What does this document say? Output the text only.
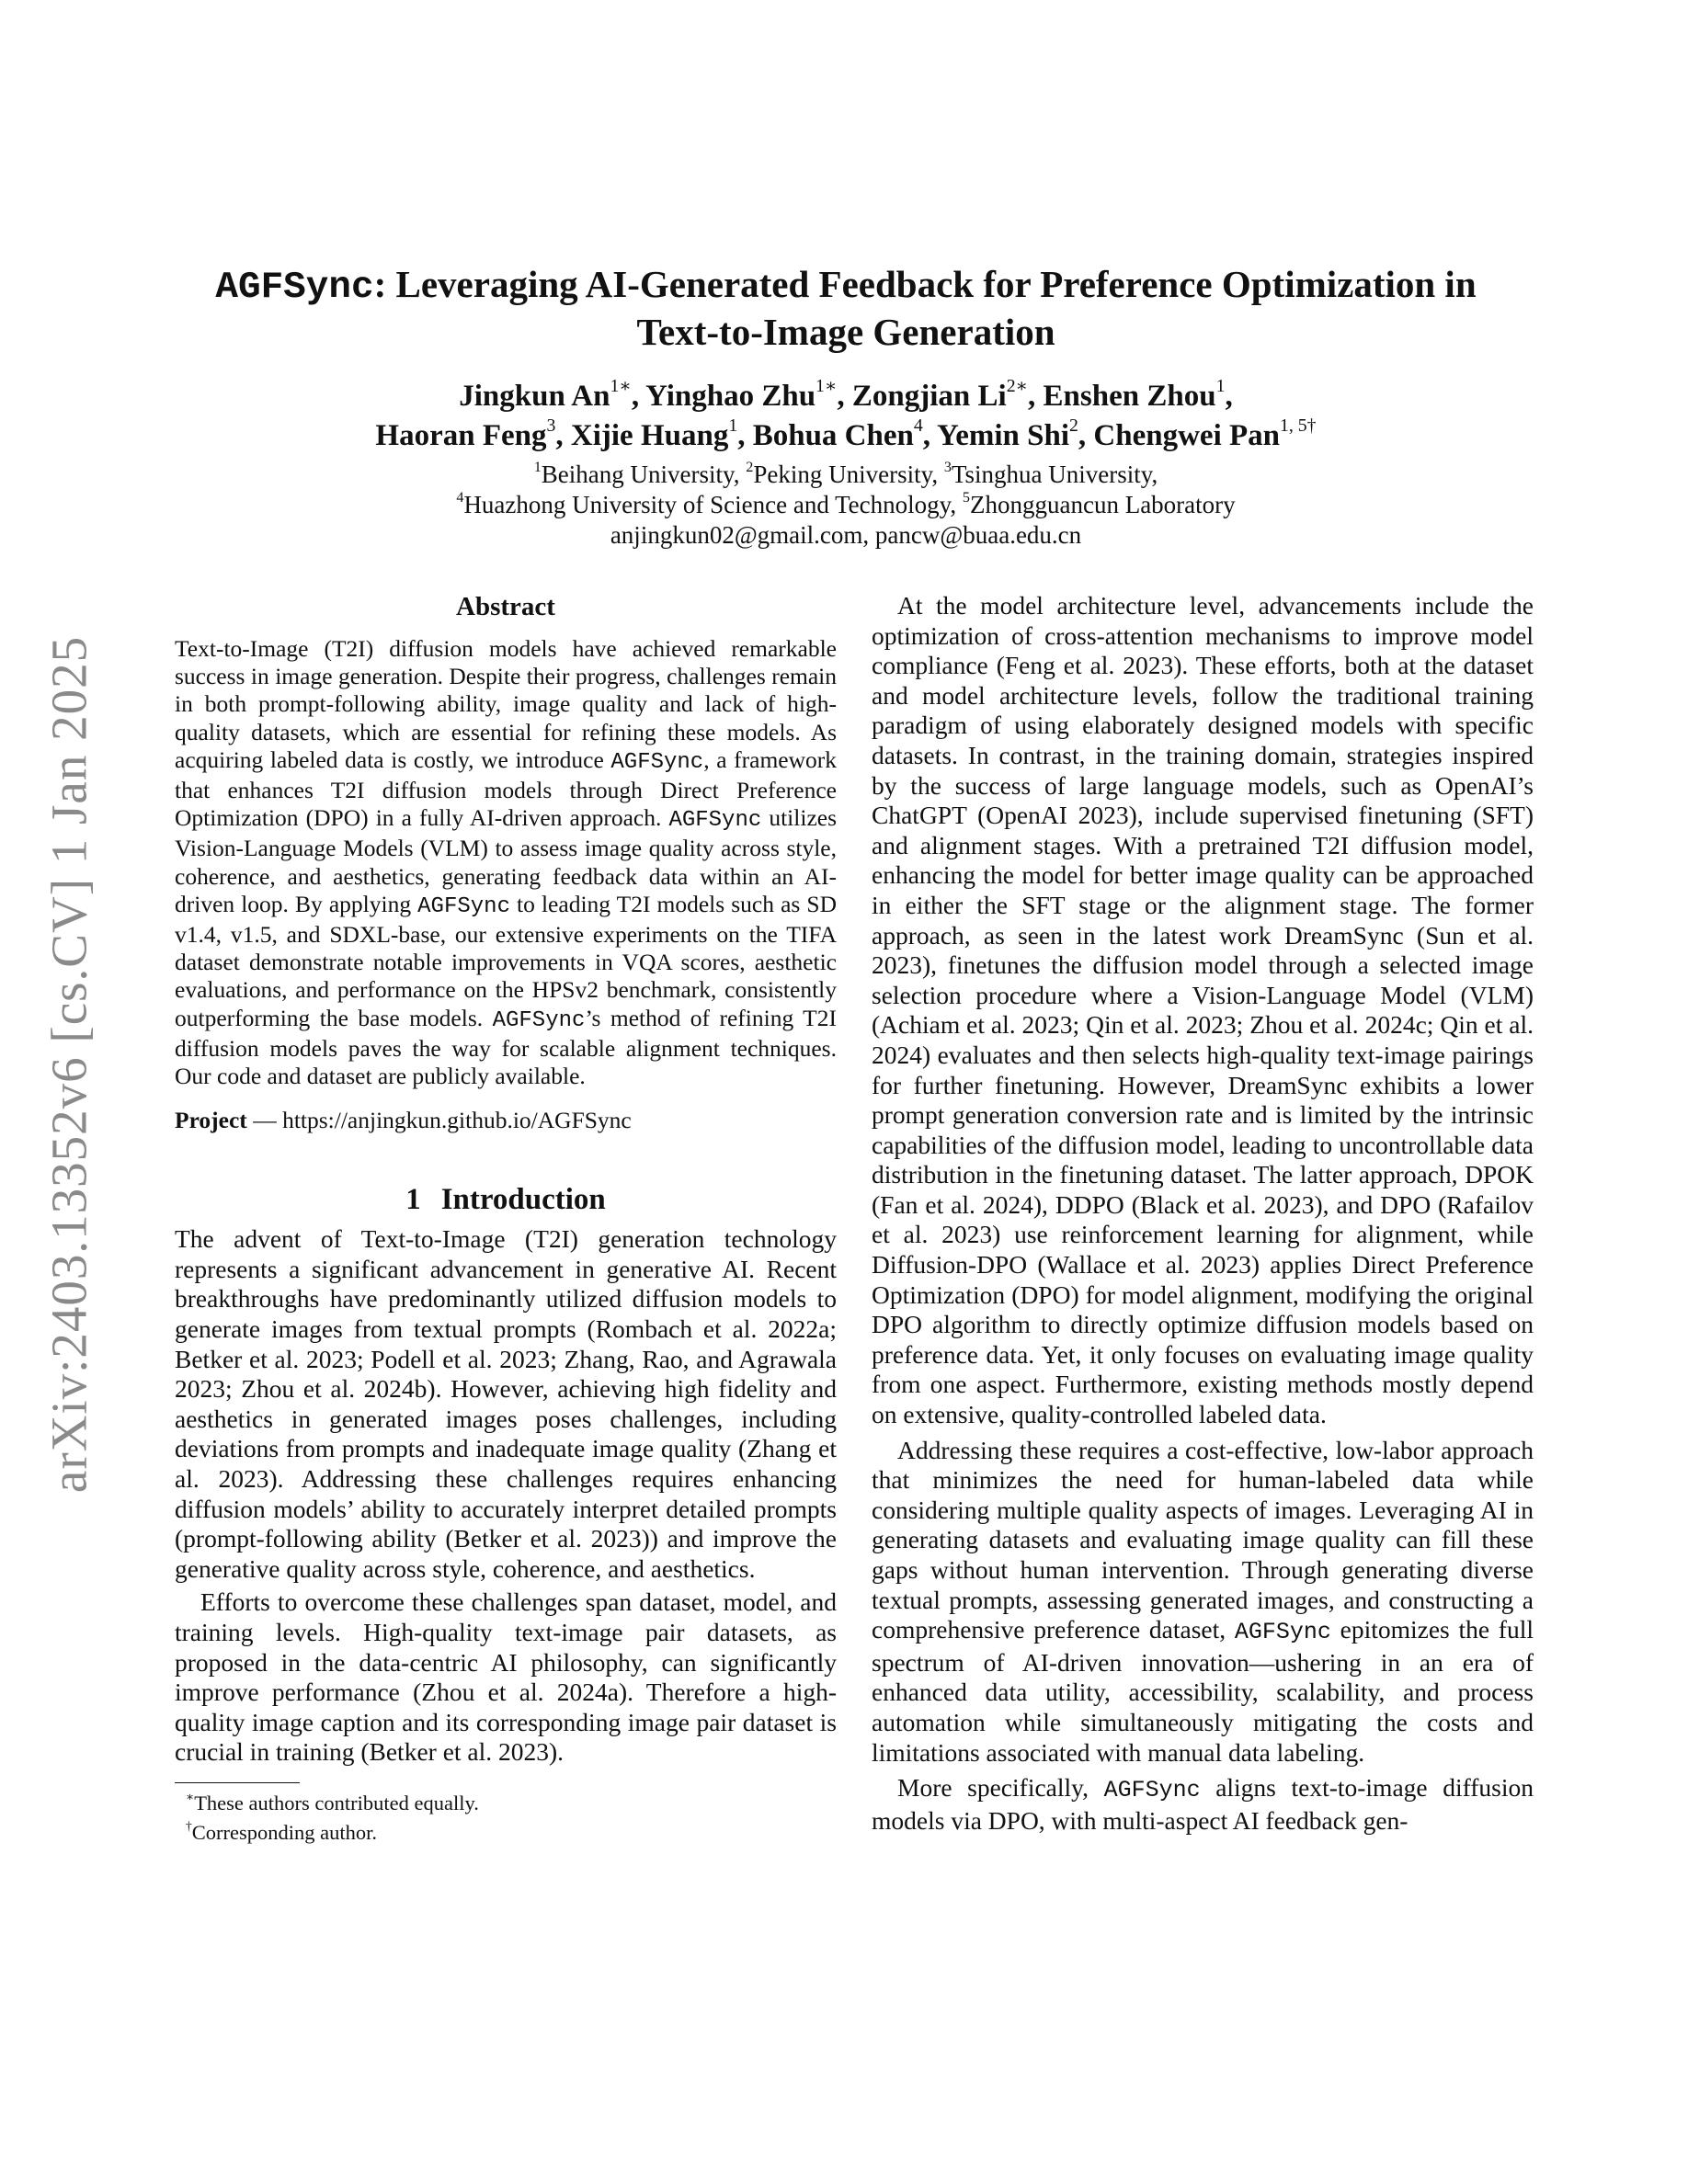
arXiv:2403.13352v6 [cs.CV] 1 Jan 2025
AGFSync: Leveraging AI-Generated Feedback for Preference Optimization in
Text-to-Image Generation
Jingkun $An^{1∗}$, Yinghao Zhu$^{1∗}$, Zongjian $Li^{2∗}$, Enshen Zhou$^1$,
Haoran Feng$^3$, Xijie Huang$^1$, Bohua Chen$^4$, Yemin Shi$^2$, Chengwei Pan$^{1, 5\dagger}$
$^1$Beihang University, $^2$Peking University, $^3$Tsinghua University,
$^4$Huazhong University of Science and Technology, $^5$Zhongguancun Laboratory
anjingkun02@gmail.com, pancw@buaa.edu.cn
Abstract

Text-to-Image (T2I) diffusion models have achieved remarkable success in image generation. Despite their progress, challenges remain in both prompt-following ability, image quality and lack of high-quality datasets, which are essential for refining these models. As acquiring labeled data is costly, we introduce AGFSync, a framework that enhances T2I diffusion models through Direct Preference Optimization (DPO) in a fully AI-driven approach. AGFSync utilizes Vision-Language Models (VLM) to assess image quality across style, coherence, and aesthetics, generating feedback data within an AI-driven loop. By applying AGFSync to leading T2I models such as SD v1.4, v1.5, and SDXL-base, our extensive experiments on the TIFA dataset demonstrate notable improvements in VQA scores, aesthetic evaluations, and performance on the HPSv2 benchmark, consistently outperforming the base models. AGFSync’s method of refining T2I diffusion models paves the way for scalable alignment techniques. Our code and dataset are publicly available.

Project — https://anjingkun.github.io/AGFSync

1 Introduction

The advent of Text-to-Image (T2I) generation technology represents a significant advancement in generative AI. Recent breakthroughs have predominantly utilized diffusion models to generate images from textual prompts (Rombach et al. 2022a; Betker et al. 2023; Podell et al. 2023; Zhang, Rao, and Agrawala 2023; Zhou et al. 2024b). However, achieving high fidelity and aesthetics in generated images poses challenges, including deviations from prompts and inadequate image quality (Zhang et al. 2023). Addressing these challenges requires enhancing diffusion models’ ability to accurately interpret detailed prompts (prompt-following ability (Betker et al. 2023)) and improve the generative quality across style, coherence, and aesthetics.

Efforts to overcome these challenges span dataset, model, and training levels. High-quality text-image pair datasets, as proposed in the data-centric AI philosophy, can significantly improve performance (Zhou et al. 2024a). Therefore a high-quality image caption and its corresponding image pair dataset is crucial in training (Betker et al. 2023).

∗These authors contributed equally.

†Corresponding author.

At the model architecture level, advancements include the optimization of cross-attention mechanisms to improve model compliance (Feng et al. 2023). These efforts, both at the dataset and model architecture levels, follow the traditional training paradigm of using elaborately designed models with specific datasets. In contrast, in the training domain, strategies inspired by the success of large language models, such as OpenAI’s ChatGPT (OpenAI 2023), include supervised finetuning (SFT) and alignment stages. With a pretrained T2I diffusion model, enhancing the model for better image quality can be approached in either the SFT stage or the alignment stage. The former approach, as seen in the latest work DreamSync (Sun et al. 2023), finetunes the diffusion model through a selected image selection procedure where a Vision-Language Model (VLM) (Achiam et al. 2023; Qin et al. 2023; Zhou et al. 2024c; Qin et al. 2024) evaluates and then selects high-quality text-image pairings for further finetuning. However, DreamSync exhibits a lower prompt generation conversion rate and is limited by the intrinsic capabilities of the diffusion model, leading to uncontrollable data distribution in the finetuning dataset. The latter approach, DPOK (Fan et al. 2024), DDPO (Black et al. 2023), and DPO (Rafailov et al. 2023) use reinforcement learning for alignment, while Diffusion-DPO (Wallace et al. 2023) applies Direct Preference Optimization (DPO) for model alignment, modifying the original DPO algorithm to directly optimize diffusion models based on preference data. Yet, it only focuses on evaluating image quality from one aspect. Furthermore, existing methods mostly depend on extensive, quality-controlled labeled data.

Addressing these requires a cost-effective, low-labor approach that minimizes the need for human-labeled data while considering multiple quality aspects of images. Leveraging AI in generating datasets and evaluating image quality can fill these gaps without human intervention. Through generating diverse textual prompts, assessing generated images, and constructing a comprehensive preference dataset, AGFSync epitomizes the full spectrum of AI-driven innovation—ushering in an era of enhanced data utility, accessibility, scalability, and process automation while simultaneously mitigating the costs and limitations associated with manual data labeling.

More specifically, AGFSync aligns text-to-image diffusion models via DPO, with multi-aspect AI feedback gen-
